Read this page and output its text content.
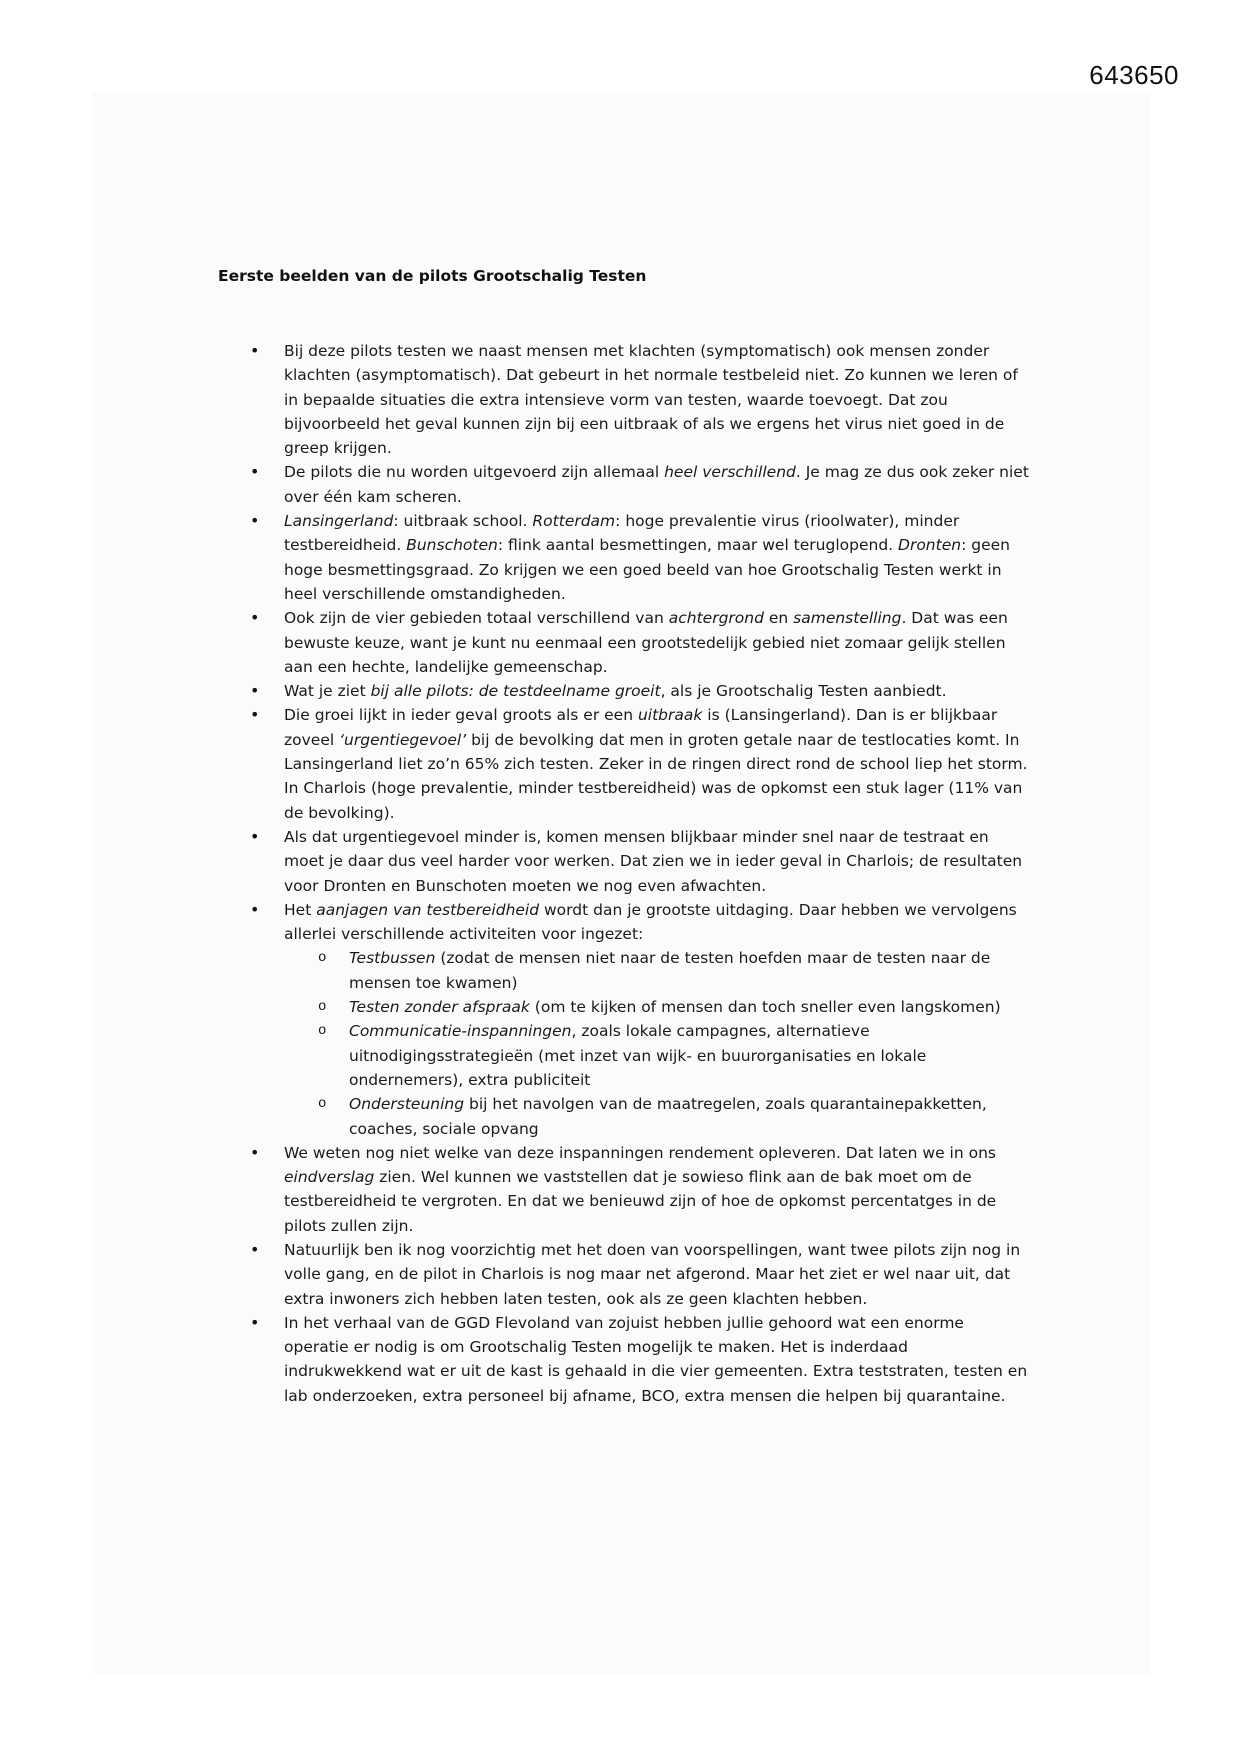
643650
Eerste beelden van de pilots Grootschalig Testen
• Bij deze pilots testen we naast mensen met klachten (symptomatisch) ook mensen zonder klachten (asymptomatisch). Dat gebeurt in het normale testbeleid niet. Zo kunnen we leren of in bepaalde situaties die extra intensieve vorm van testen, waarde toevoegt. Dat zou bijvoorbeeld het geval kunnen zijn bij een uitbraak of als we ergens het virus niet goed in de greep krijgen.
• De pilots die nu worden uitgevoerd zijn allemaal heel verschillend. Je mag ze dus ook zeker niet over één kam scheren.
• Lansingerland: uitbraak school. Rotterdam: hoge prevalentie virus (rioolwater), minder testbereidheid. Bunschoten: flink aantal besmettingen, maar wel teruglopend. Dronten: geen hoge besmettingsgraad. Zo krijgen we een goed beeld van hoe Grootschalig Testen werkt in heel verschillende omstandigheden.
• Ook zijn de vier gebieden totaal verschillend van achtergrond en samenstelling. Dat was een bewuste keuze, want je kunt nu eenmaal een grootstedelijk gebied niet zomaar gelijk stellen aan een hechte, landelijke gemeenschap.
• Wat je ziet bij alle pilots: de testdeelname groeit, als je Grootschalig Testen aanbiedt.
• Die groei lijkt in ieder geval groots als er een uitbraak is (Lansingerland). Dan is er blijkbaar zoveel ‘urgentiegevoel’ bij de bevolking dat men in groten getale naar de testlocaties komt. In Lansingerland liet zo’n 65% zich testen. Zeker in de ringen direct rond de school liep het storm. In Charlois (hoge prevalentie, minder testbereidheid) was de opkomst een stuk lager (11% van de bevolking).
• Als dat urgentiegevoel minder is, komen mensen blijkbaar minder snel naar de testraat en moet je daar dus veel harder voor werken. Dat zien we in ieder geval in Charlois; de resultaten voor Dronten en Bunschoten moeten we nog even afwachten.
• Het aanjagen van testbereidheid wordt dan je grootste uitdaging. Daar hebben we vervolgens allerlei verschillende activiteiten voor ingezet:
o Testbussen (zodat de mensen niet naar de testen hoefden maar de testen naar de mensen toe kwamen)
o Testen zonder afspraak (om te kijken of mensen dan toch sneller even langskomen)
o Communicatie-inspanningen, zoals lokale campagnes, alternatieve uitnodigingsstrategieën (met inzet van wijk- en buurorganisaties en lokale ondernemers), extra publiciteit
o Ondersteuning bij het navolgen van de maatregelen, zoals quarantainepakketten, coaches, sociale opvang
• We weten nog niet welke van deze inspanningen rendement opleveren. Dat laten we in ons eindverslag zien. Wel kunnen we vaststellen dat je sowieso flink aan de bak moet om de testbereidheid te vergroten. En dat we benieuwd zijn of hoe de opkomst percentatges in de pilots zullen zijn.
• Natuurlijk ben ik nog voorzichtig met het doen van voorspellingen, want twee pilots zijn nog in volle gang, en de pilot in Charlois is nog maar net afgerond. Maar het ziet er wel naar uit, dat extra inwoners zich hebben laten testen, ook als ze geen klachten hebben.
• In het verhaal van de GGD Flevoland van zojuist hebben jullie gehoord wat een enorme operatie er nodig is om Grootschalig Testen mogelijk te maken. Het is inderdaad indrukwekkend wat er uit de kast is gehaald in die vier gemeenten. Extra teststraten, testen en lab onderzoeken, extra personeel bij afname, BCO, extra mensen die helpen bij quarantaine.
